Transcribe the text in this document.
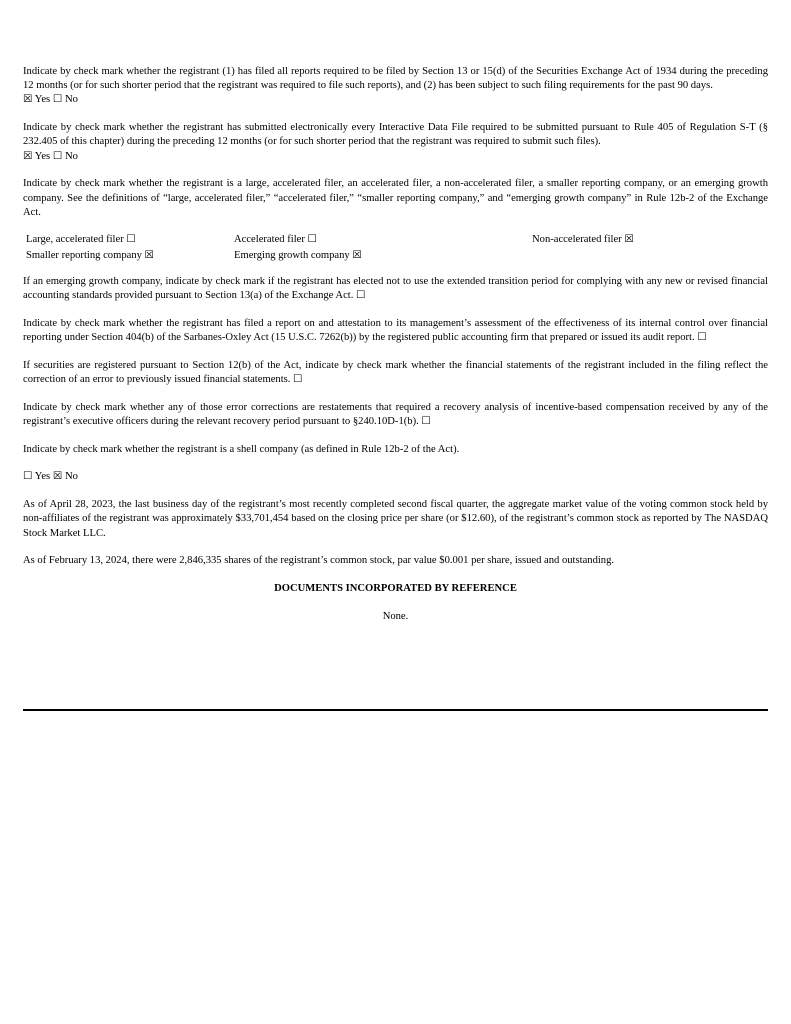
Indicate by check mark whether the registrant (1) has filed all reports required to be filed by Section 13 or 15(d) of the Securities Exchange Act of 1934 during the preceding 12 months (or for such shorter period that the registrant was required to file such reports), and (2) has been subject to such filing requirements for the past 90 days.

☒ Yes ☐ No

Indicate by check mark whether the registrant has submitted electronically every Interactive Data File required to be submitted pursuant to Rule 405 of Regulation S-T (§ 232.405 of this chapter) during the preceding 12 months (or for such shorter period that the registrant was required to submit such files).

☒ Yes ☐ No

Indicate by check mark whether the registrant is a large, accelerated filer, an accelerated filer, a non-accelerated filer, a smaller reporting company, or an emerging growth company. See the definitions of “large, accelerated filer,” “accelerated filer,” “smaller reporting company,” and “emerging growth company” in Rule 12b-2 of the Exchange Act.

Large, accelerated filer ☐	Accelerated filer ☐	Non-accelerated filer ☒
Smaller reporting company ☒	Emerging growth company ☒

If an emerging growth company, indicate by check mark if the registrant has elected not to use the extended transition period for complying with any new or revised financial accounting standards provided pursuant to Section 13(a) of the Exchange Act. ☐

Indicate by check mark whether the registrant has filed a report on and attestation to its management’s assessment of the effectiveness of its internal control over financial reporting under Section 404(b) of the Sarbanes-Oxley Act (15 U.S.C. 7262(b)) by the registered public accounting firm that prepared or issued its audit report. ☐

If securities are registered pursuant to Section 12(b) of the Act, indicate by check mark whether the financial statements of the registrant included in the filing reflect the correction of an error to previously issued financial statements. ☐

Indicate by check mark whether any of those error corrections are restatements that required a recovery analysis of incentive-based compensation received by any of the registrant’s executive officers during the relevant recovery period pursuant to §240.10D-1(b). ☐

Indicate by check mark whether the registrant is a shell company (as defined in Rule 12b-2 of the Act).

☐ Yes ☒ No

As of April 28, 2023, the last business day of the registrant’s most recently completed second fiscal quarter, the aggregate market value of the voting common stock held by non-affiliates of the registrant was approximately $33,701,454 based on the closing price per share (or $12.60), of the registrant’s common stock as reported by The NASDAQ Stock Market LLC.

As of February 13, 2024, there were 2,846,335 shares of the registrant’s common stock, par value $0.001 per share, issued and outstanding.

DOCUMENTS INCORPORATED BY REFERENCE

None.
